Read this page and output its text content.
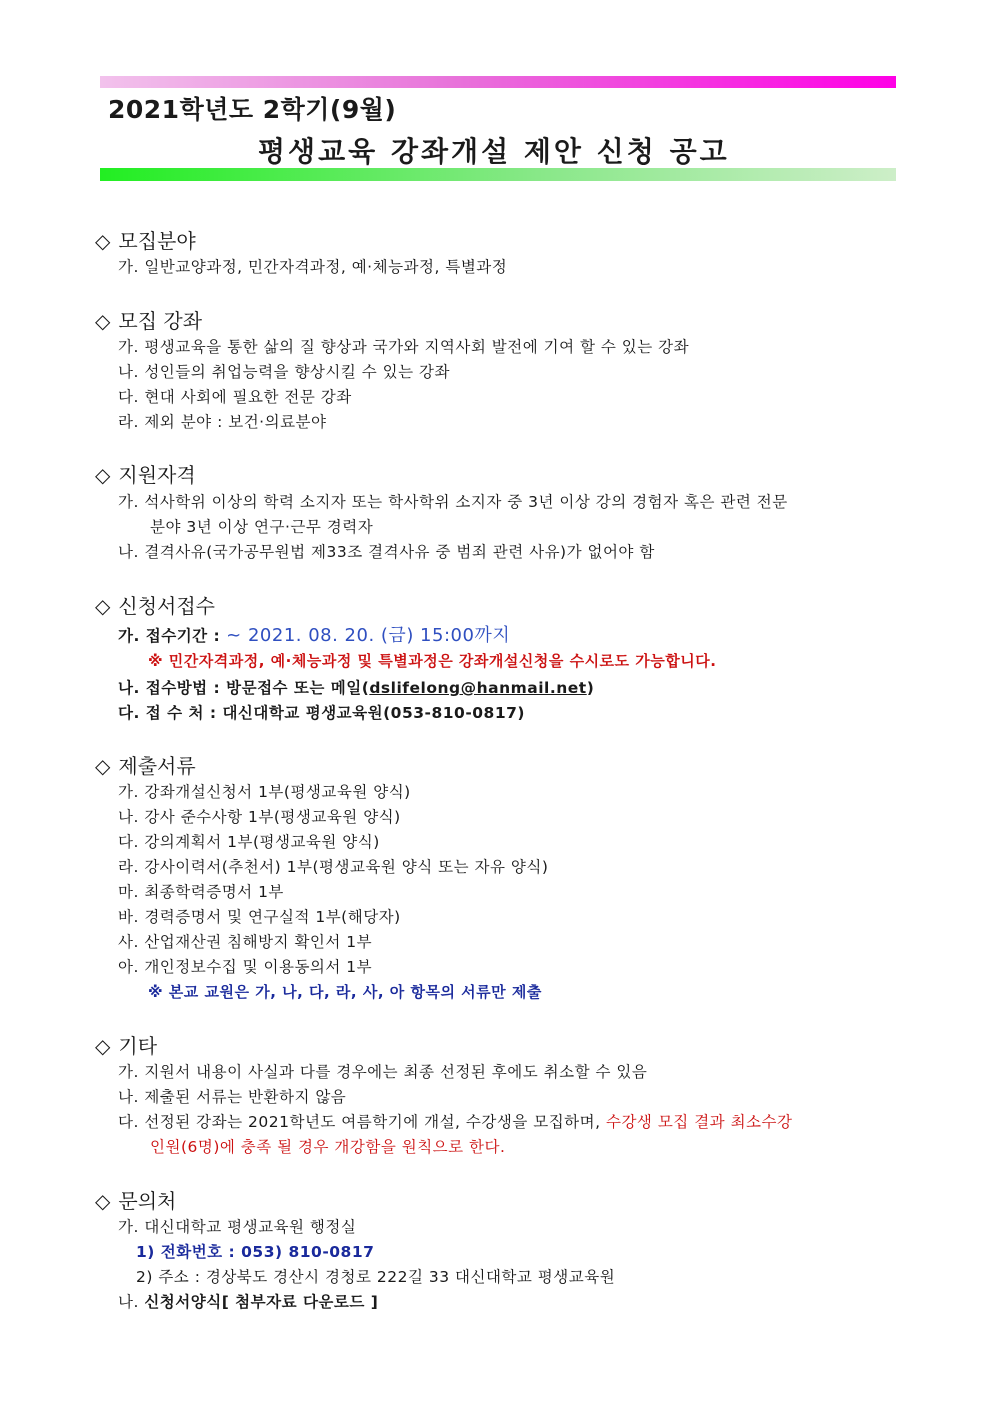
2021학년도 2학기(9월)
평생교육 강좌개설 제안 신청 공고
◇ 모집분야
가. 일반교양과정, 민간자격과정, 예·체능과정, 특별과정
◇ 모집 강좌
가. 평생교육을 통한 삶의 질 향상과 국가와 지역사회 발전에 기여 할 수 있는 강좌
나. 성인들의 취업능력을 향상시킬 수 있는 강좌
다. 현대 사회에 필요한 전문 강좌
라. 제외 분야 : 보건·의료분야
◇ 지원자격
가. 석사학위 이상의 학력 소지자 또는 학사학위 소지자 중 3년 이상 강의 경험자 혹은 관련 전문
분야 3년 이상 연구·근무 경력자
나. 결격사유(국가공무원법 제33조 결격사유 중 범죄 관련 사유)가 없어야 함
◇ 신청서접수
가. 접수기간 : ~ 2021. 08. 20. (금) 15:00까지
※ 민간자격과정, 예·체능과정 및 특별과정은 강좌개설신청을 수시로도 가능합니다.
나. 접수방법 : 방문접수 또는 메일(dslifelong@hanmail.net)
다. 접 수 처 : 대신대학교 평생교육원(053-810-0817)
◇ 제출서류
가. 강좌개설신청서 1부(평생교육원 양식)
나. 강사 준수사항 1부(평생교육원 양식)
다. 강의계획서 1부(평생교육원 양식)
라. 강사이력서(추천서) 1부(평생교육원 양식 또는 자유 양식)
마. 최종학력증명서 1부
바. 경력증명서 및 연구실적 1부(해당자)
사. 산업재산권 침해방지 확인서 1부
아. 개인정보수집 및 이용동의서 1부
※ 본교 교원은 가, 나, 다, 라, 사, 아 항목의 서류만 제출
◇ 기타
가. 지원서 내용이 사실과 다를 경우에는 최종 선정된 후에도 취소할 수 있음
나. 제출된 서류는 반환하지 않음
다. 선정된 강좌는 2021학년도 여름학기에 개설, 수강생을 모집하며, 수강생 모집 결과 최소수강
인원(6명)에 충족 될 경우 개강함을 원칙으로 한다.
◇ 문의처
가. 대신대학교 평생교육원 행정실
1) 전화번호 : 053) 810-0817
2) 주소 : 경상북도 경산시 경청로 222길 33 대신대학교 평생교육원
나. 신청서양식[ 첨부자료 다운로드 ]
